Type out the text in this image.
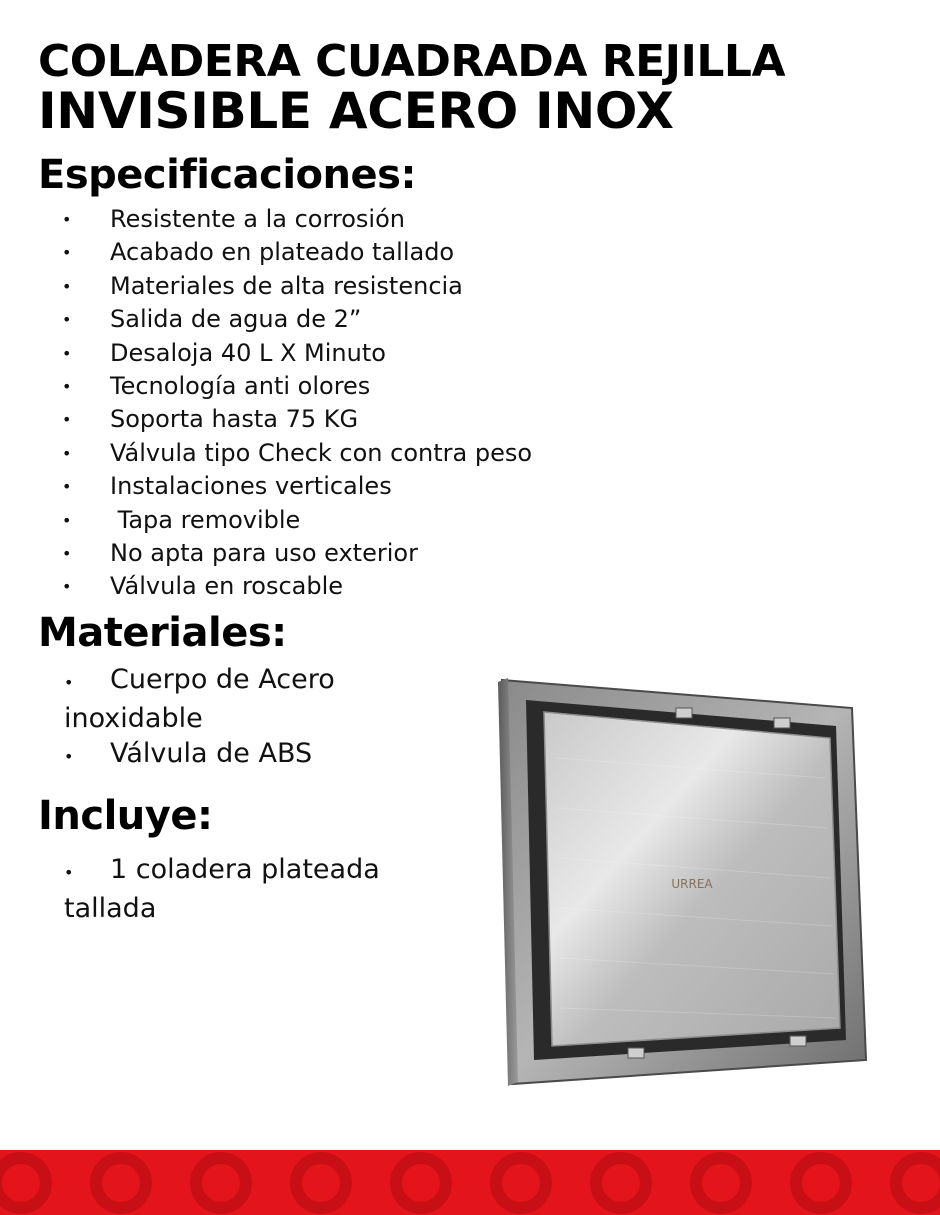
COLADERA CUADRADA REJILLA
INVISIBLE ACERO INOX
Especificaciones:
• Resistente a la corrosión
• Acabado en plateado tallado
• Materiales de alta resistencia
• Salida de agua de 2”
• Desaloja 40 L X Minuto
• Tecnología anti olores
• Soporta hasta 75 KG
• Válvula tipo Check con contra peso
• Instalaciones verticales
• Tapa removible
• No apta para uso exterior
• Válvula en roscable
Materiales:

• Cuerpo de Acero inoxidable

• Válvula de ABS

Incluye:

• 1 coladera plateada tallada

URREA
